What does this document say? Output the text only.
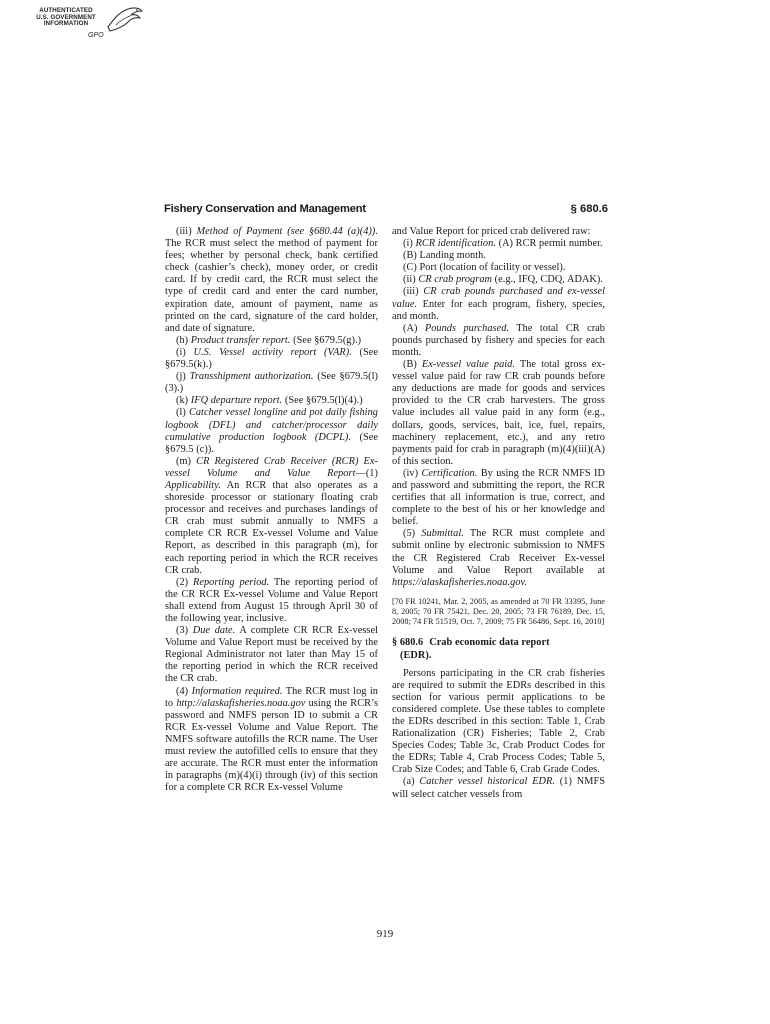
AUTHENTICATED
U.S. GOVERNMENT
INFORMATION
GPO
Fishery Conservation and Management	§ 680.6

(iii) Method of Payment (see §680.44 (a)(4)). The RCR must select the method of payment for fees; whether by personal check, bank certified check (cashier’s check), money order, or credit card. If by credit card, the RCR must select the type of credit card and enter the card number, expiration date, amount of payment, name as printed on the card, signature of the card holder, and date of signature.

(h) Product transfer report. (See §679.5(g).)

(i) U.S. Vessel activity report (VAR). (See §679.5(k).)

(j) Transshipment authorization. (See §679.5(l)(3).)

(k) IFQ departure report. (See §679.5(l)(4).)

(l) Catcher vessel longline and pot daily fishing logbook (DFL) and catcher/processor daily cumulative production logbook (DCPL). (See §679.5 (c)).

(m) CR Registered Crab Receiver (RCR) Ex-vessel Volume and Value Report—(1) Applicability. An RCR that also operates as a shoreside processor or stationary floating crab processor and receives and purchases landings of CR crab must submit annually to NMFS a complete CR RCR Ex-vessel Volume and Value Report, as described in this paragraph (m), for each reporting period in which the RCR receives CR crab.

(2) Reporting period. The reporting period of the CR RCR Ex-vessel Volume and Value Report shall extend from August 15 through April 30 of the following year, inclusive.

(3) Due date. A complete CR RCR Ex-vessel Volume and Value Report must be received by the Regional Administrator not later than May 15 of the reporting period in which the RCR received the CR crab.

(4) Information required. The RCR must log in to http://alaskafisheries.noaa.gov using the RCR’s password and NMFS person ID to submit a CR RCR Ex-vessel Volume and Value Report. The NMFS software autofills the RCR name. The User must review the autofilled cells to ensure that they are accurate. The RCR must enter the information in paragraphs (m)(4)(i) through (iv) of this section for a complete CR RCR Ex-vessel Volume

and Value Report for priced crab delivered raw:

(i) RCR identification. (A) RCR permit number.

(B) Landing month.

(C) Port (location of facility or vessel).

(ii) CR crab program (e.g., IFQ, CDQ, ADAK).

(iii) CR crab pounds purchased and ex-vessel value. Enter for each program, fishery, species, and month.

(A) Pounds purchased. The total CR crab pounds purchased by fishery and species for each month.

(B) Ex-vessel value paid. The total gross ex-vessel value paid for raw CR crab pounds before any deductions are made for goods and services provided to the CR crab harvesters. The gross value includes all value paid in any form (e.g., dollars, goods, services, bait, ice, fuel, repairs, machinery replacement, etc.), and any retro payments paid for crab in paragraph (m)(4)(iii)(A) of this section.

(iv) Certification. By using the RCR NMFS ID and password and submitting the report, the RCR certifies that all information is true, correct, and complete to the best of his or her knowledge and belief.

(5) Submittal. The RCR must complete and submit online by electronic submission to NMFS the CR Registered Crab Receiver Ex-vessel Volume and Value Report available at https://alaskafisheries.noaa.gov.

[70 FR 10241, Mar. 2, 2005, as amended at 70 FR 33395, June 8, 2005; 70 FR 75421, Dec. 20, 2005; 73 FR 76189, Dec. 15, 2008; 74 FR 51519, Oct. 7, 2009; 75 FR 56486, Sept. 16, 2010]

§ 680.6 Crab economic data report
(EDR).

Persons participating in the CR crab fisheries are required to submit the EDRs described in this section for various permit applications to be considered complete. Use these tables to complete the EDRs described in this section: Table 1, Crab Rationalization (CR) Fisheries; Table 2, Crab Species Codes; Table 3c, Crab Product Codes for the EDRs; Table 4, Crab Process Codes; Table 5, Crab Size Codes; and Table 6, Crab Grade Codes.

(a) Catcher vessel historical EDR. (1) NMFS will select catcher vessels from

919
